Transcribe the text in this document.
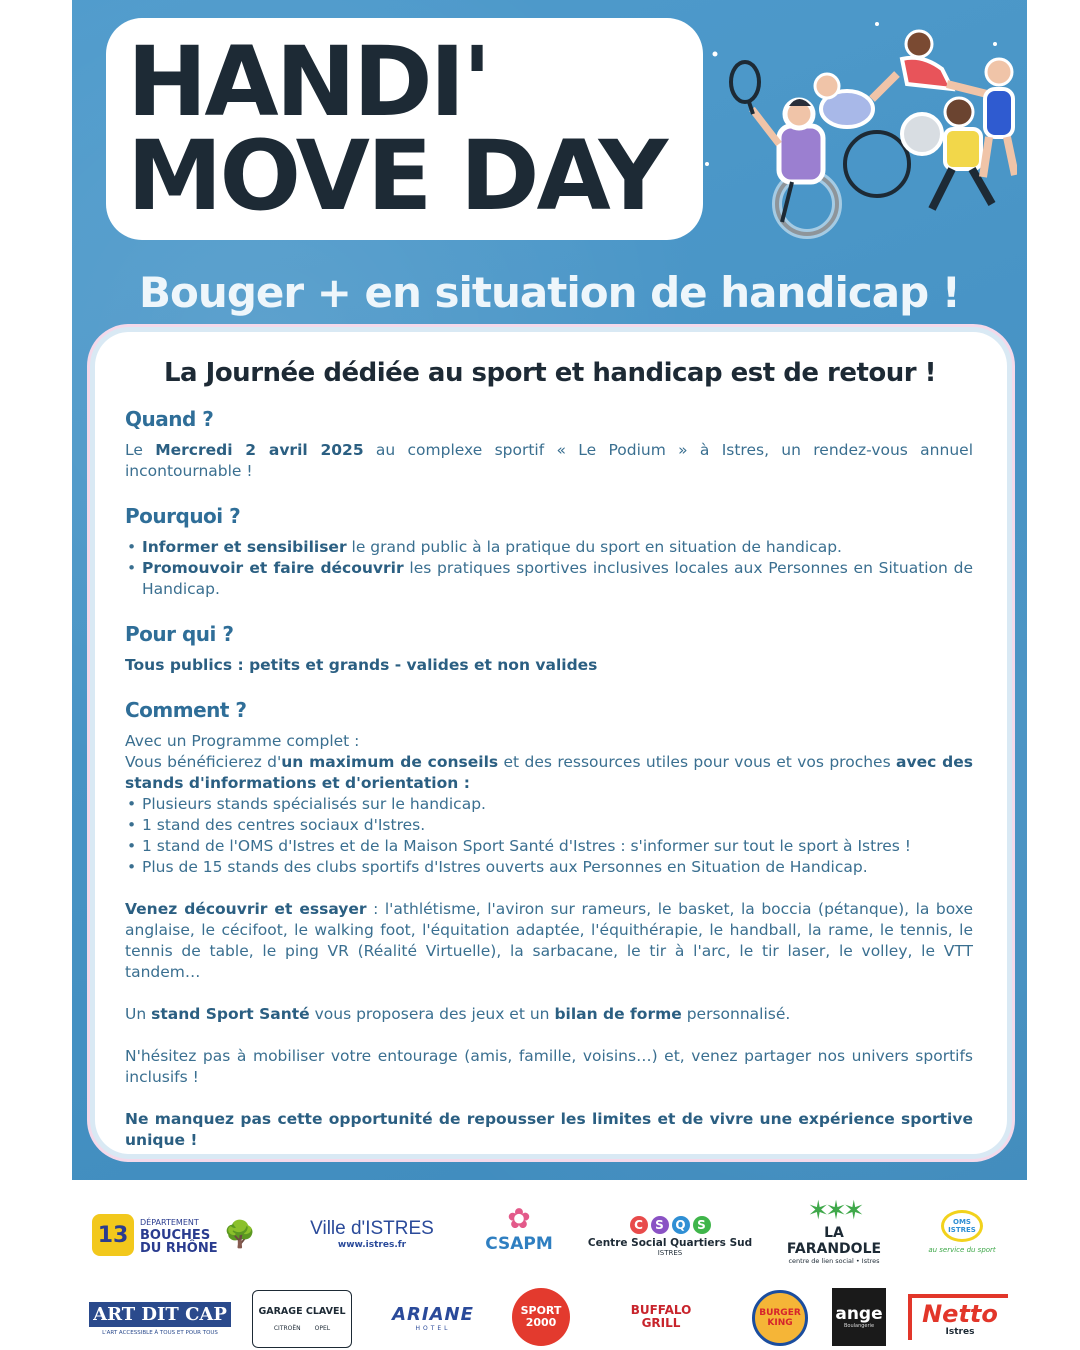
HANDI'
MOVE DAY
Bouger + en situation de handicap !
La Journée dédiée au sport et handicap est de retour !
Quand ?

Le Mercredi 2 avril 2025 au complexe sportif « Le Podium » à Istres, un rendez-vous annuel incontournable !

Pourquoi ?
• Informer et sensibiliser le grand public à la pratique du sport en situation de handicap.
• Promouvoir et faire découvrir les pratiques sportives inclusives locales aux Personnes en Situation de Handicap.
Pour qui ?

Tous publics : petits et grands - valides et non valides

Comment ?

Avec un Programme complet :

Vous bénéficierez d'un maximum de conseils et des ressources utiles pour vous et vos proches avec des stands d'informations et d'orientation :

• Plusieurs stands spécialisés sur le handicap.
• 1 stand des centres sociaux d'Istres.
• 1 stand de l'OMS d'Istres et de la Maison Sport Santé d'Istres : s'informer sur tout le sport à Istres !
• Plus de 15 stands des clubs sportifs d'Istres ouverts aux Personnes en Situation de Handicap.

Venez découvrir et essayer : l'athlétisme, l'aviron sur rameurs, le basket, la boccia (pétanque), la boxe anglaise, le cécifoot, le walking foot, l'équitation adaptée, l'équithérapie, le handball, la rame, le tennis, le tennis de table, le ping VR (Réalité Virtuelle), la sarbacane, le tir à l'arc, le tir laser, le volley, le VTT tandem…

Un stand Sport Santé vous proposera des jeux et un bilan de forme personnalisé.

N'hésitez pas à mobiliser votre entourage (amis, famille, voisins…) et, venez partager nos univers sportifs inclusifs !

Ne manquez pas cette opportunité de repousser les limites et de vivre une expérience sportive unique !

13
DÉPARTEMENT
BOUCHES
DU RHÔNE 🌳	Ville d'ISTRES
www.istres.fr
✿
CSAPM
C	S Q S
Centre Social Quartiers Sud
ISTRES
✶✶✶
LA FARANDOLE
centre de lien social • Istres
OMS ISTRES
au service du sport
ART DIT CAP
L'ART ACCESSIBLE À TOUS ET POUR TOUS
GARAGE CLAVEL
CITROËN OPEL
ARIANE
HOTEL
SPORT
2000
BUFFALO
GRILL
BURGER
KING	ange
Boulangerie Netto
Istres
